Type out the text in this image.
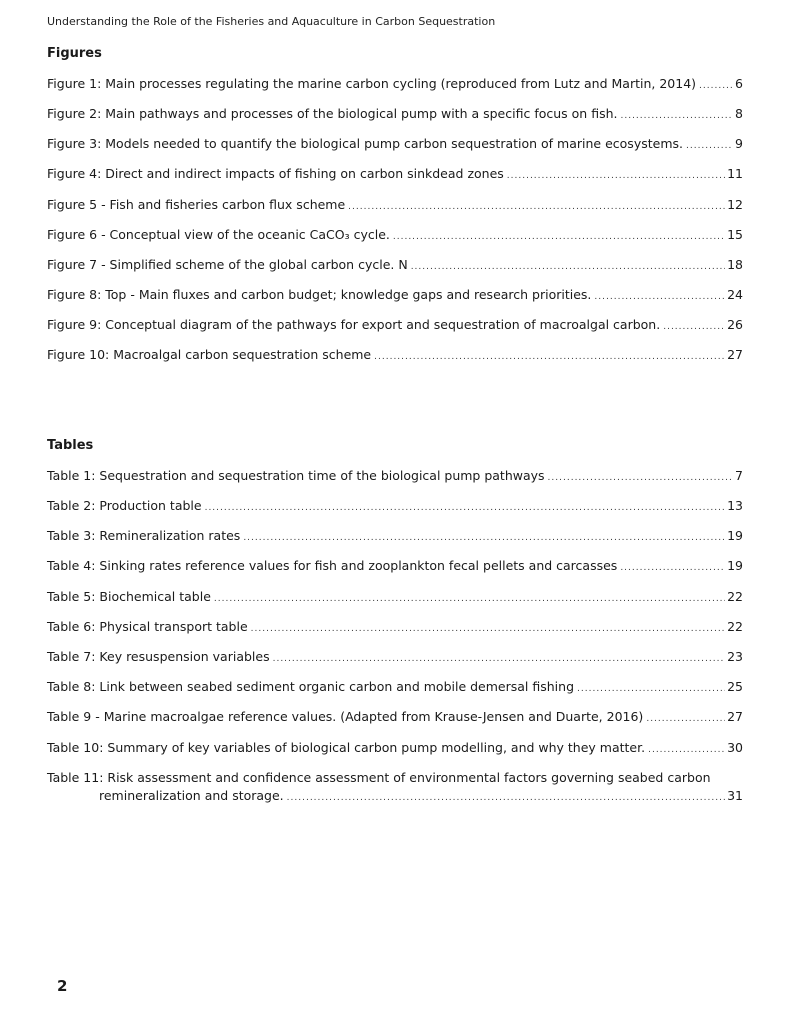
Understanding the Role of the Fisheries and Aquaculture in Carbon Sequestration
Figures
Figure 1: Main processes regulating the marine carbon cycling (reproduced from Lutz and Martin, 2014) .....	6
Figure 2: Main pathways and processes of the biological pump with a specific focus on fish. .....	8
Figure 3: Models needed to quantify the biological pump carbon sequestration of marine ecosystems. .....	9
Figure 4: Direct and indirect impacts of fishing on carbon sinkdead zones .....	11
Figure 5 - Fish and fisheries carbon flux scheme .....	12
Figure 6 - Conceptual view of the oceanic CaCO₃ cycle. .....	15
Figure 7 - Simplified scheme of the global carbon cycle. N .....	18
Figure 8: Top - Main fluxes and carbon budget; knowledge gaps and research priorities. .....	24
Figure 9: Conceptual diagram of the pathways for export and sequestration of macroalgal carbon. .....	26
Figure 10: Macroalgal carbon sequestration scheme .....	27
Tables
Table 1: Sequestration and sequestration time of the biological pump pathways .....	7
Table 2: Production table .....	13
Table 3: Remineralization rates .....	19
Table 4: Sinking rates reference values for fish and zooplankton fecal pellets and carcasses .....	19
Table 5: Biochemical table .....	22
Table 6: Physical transport table .....	22
Table 7: Key resuspension variables .....	23
Table 8: Link between seabed sediment organic carbon and mobile demersal fishing .....	25
Table 9 - Marine macroalgae reference values. (Adapted from Krause-Jensen and Duarte, 2016) .....	27
Table 10: Summary of key variables of biological carbon pump modelling, and why they matter. .....	30
Table 11: Risk assessment and confidence assessment of environmental factors governing seabed carbon
remineralization and storage. .....	31
2
